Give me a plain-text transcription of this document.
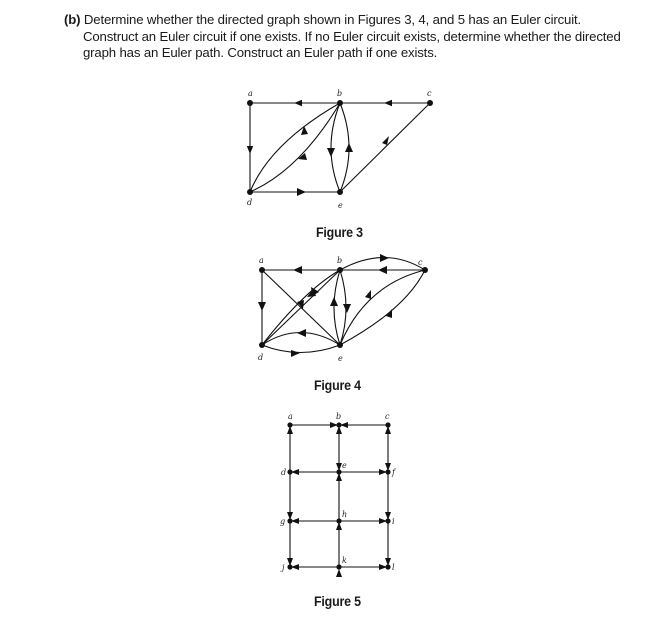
(b) Determine whether the directed graph shown in Figures 3, 4, and 5 has an Euler circuit.
Construct an Euler circuit if one exists. If no Euler circuit exists, determine whether the directed
graph has an Euler path. Construct an Euler path if one exists.
a	b	c
d	e
a	b	c
d	e
a	b	c
d
e
f
g
h
i
j
k
l
Figure 3
Figure 4
Figure 5
